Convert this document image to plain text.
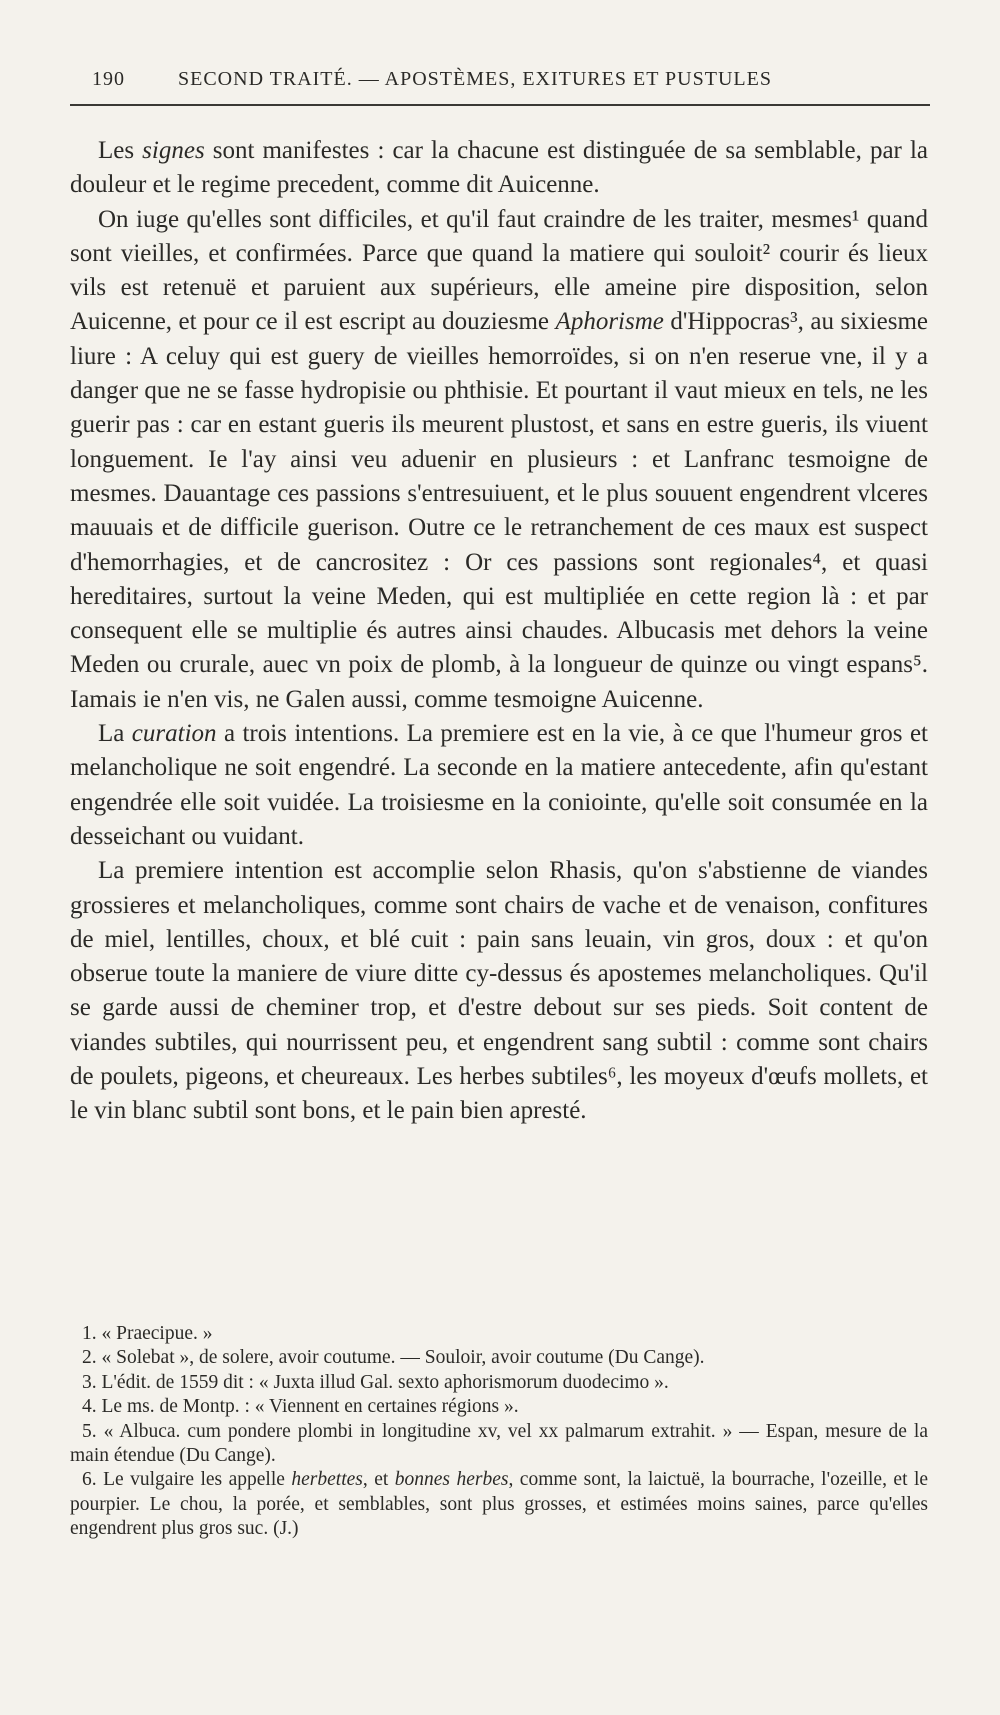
190	SECOND TRAITÉ. — APOSTÈMES, EXITURES ET PUSTULES

Les signes sont manifestes : car la chacune est distinguée de sa semblable, par la douleur et le regime precedent, comme dit Auicenne.

On iuge qu'elles sont difficiles, et qu'il faut craindre de les traiter, mesmes¹ quand sont vieilles, et confirmées. Parce que quand la matiere qui souloit² courir és lieux vils est retenuë et paruient aux supérieurs, elle ameine pire disposition, selon Auicenne, et pour ce il est escript au douziesme Aphorisme d'Hippocras³, au sixiesme liure : A celuy qui est guery de vieilles hemorroïdes, si on n'en reserue vne, il y a danger que ne se fasse hydropisie ou phthisie. Et pourtant il vaut mieux en tels, ne les guerir pas : car en estant gueris ils meurent plustost, et sans en estre gueris, ils viuent longuement. Ie l'ay ainsi veu aduenir en plusieurs : et Lanfranc tesmoigne de mesmes. Dauantage ces passions s'entresuiuent, et le plus souuent engendrent vlceres mauuais et de difficile guerison. Outre ce le retranchement de ces maux est suspect d'hemorrhagies, et de cancrositez : Or ces passions sont regionales⁴, et quasi hereditaires, surtout la veine Meden, qui est multipliée en cette region là : et par consequent elle se multiplie és autres ainsi chaudes. Albucasis met dehors la veine Meden ou crurale, auec vn poix de plomb, à la longueur de quinze ou vingt espans⁵. Iamais ie n'en vis, ne Galen aussi, comme tesmoigne Auicenne.

La curation a trois intentions. La premiere est en la vie, à ce que l'humeur gros et melancholique ne soit engendré. La seconde en la matiere antecedente, afin qu'estant engendrée elle soit vuidée. La troisiesme en la coniointe, qu'elle soit consumée en la desseichant ou vuidant.

La premiere intention est accomplie selon Rhasis, qu'on s'abstienne de viandes grossieres et melancholiques, comme sont chairs de vache et de venaison, confitures de miel, lentilles, choux, et blé cuit : pain sans leuain, vin gros, doux : et qu'on obserue toute la maniere de viure ditte cy-dessus és apostemes melancholiques. Qu'il se garde aussi de cheminer trop, et d'estre debout sur ses pieds. Soit content de viandes subtiles, qui nourrissent peu, et engendrent sang subtil : comme sont chairs de poulets, pigeons, et cheureaux. Les herbes subtiles⁶, les moyeux d'œufs mollets, et le vin blanc subtil sont bons, et le pain bien apresté.

1. « Praecipue. »

2. « Solebat », de solere, avoir coutume. — Souloir, avoir coutume (Du Cange).

3. L'édit. de 1559 dit : « Juxta illud Gal. sexto aphorismorum duodecimo ».

4. Le ms. de Montp. : « Viennent en certaines régions ».

5. « Albuca. cum pondere plombi in longitudine xv, vel xx palmarum extrahit. » — Espan, mesure de la main étendue (Du Cange).

6. Le vulgaire les appelle herbettes, et bonnes herbes, comme sont, la laictuë, la bourrache, l'ozeille, et le pourpier. Le chou, la porée, et semblables, sont plus grosses, et estimées moins saines, parce qu'elles engendrent plus gros suc. (J.)
